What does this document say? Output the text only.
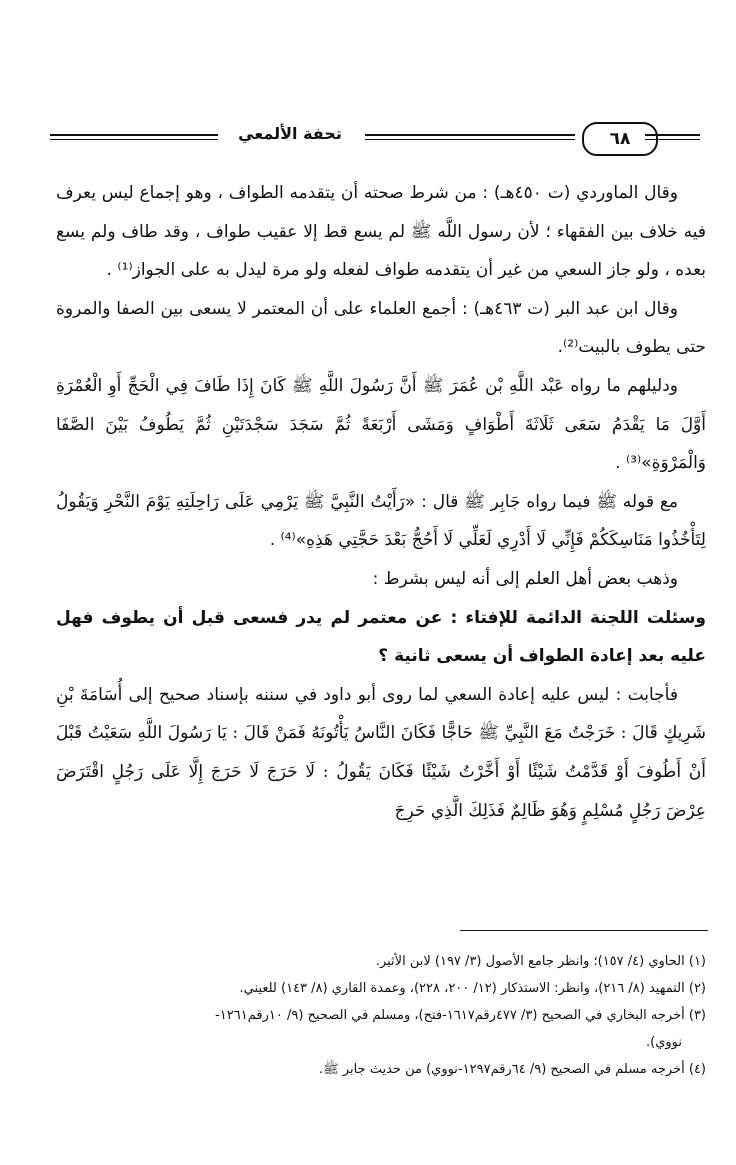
٦٨
تحفة الألمعي

وقال الماوردي (ت ٤٥٠هـ) : من شرط صحته أن يتقدمه الطواف ، وهو إجماع ليس يعرف فيه خلاف بين الفقهاء ؛ لأن رسول اللَّه ﷺ لم يسع قط إلا عقيب طواف ، وقد طاف ولم يسع بعده ، ولو جاز السعي من غير أن يتقدمه طواف لفعله ولو مرة ليدل به على الجواز⁽¹⁾ .

وقال ابن عبد البر (ت ٤٦٣هـ) : أجمع العلماء على أن المعتمر لا يسعى بين الصفا والمروة حتى يطوف بالبيت⁽²⁾.

ودليلهم ما رواه عَبْد اللَّهِ بْن عُمَرَ ﷺ أَنَّ رَسُولَ اللَّهِ ﷺ كَانَ إِذَا طَافَ فِي الْحَجِّ أَوِ الْعُمْرَةِ أَوَّلَ مَا يَقْدَمُ سَعَى ثَلَاثَةَ أَطْوَافٍ وَمَشَى أَرْبَعَةً ثُمَّ سَجَدَ سَجْدَتَيْنِ ثُمَّ يَطُوفُ بَيْنَ الصَّفَا وَالْمَرْوَةِ»⁽³⁾ .

مع قوله ﷺ فيما رواه جَابِر ﷺ قال : «رَأَيْتُ النَّبِيَّ ﷺ يَرْمِي عَلَى رَاحِلَتِهِ يَوْمَ النَّحْرِ وَيَقُولُ لِتَأْخُذُوا مَنَاسِكَكُمْ فَإِنِّي لَا أَدْرِي لَعَلِّي لَا أَحُجُّ بَعْدَ حَجَّتِي هَذِهِ»⁽⁴⁾ .

وذهب بعض أهل العلم إلى أنه ليس بشرط :

وسئلت اللجنة الدائمة للإفتاء : عن معتمر لم يدر فسعى قبل أن يطوف فهل عليه بعد إعادة الطواف أن يسعى ثانية ؟

فأجابت : ليس عليه إعادة السعي لما روى أبو داود في سننه بإسناد صحيح إلى أُسَامَةَ بْنِ شَرِيكٍ قَالَ : خَرَجْتُ مَعَ النَّبِيِّ ﷺ حَاجًّا فَكَانَ النَّاسُ يَأْتُونَهُ فَمَنْ قَالَ : يَا رَسُولَ اللَّهِ سَعَيْتُ قَبْلَ أَنْ أَطُوفَ أَوْ قَدَّمْتُ شَيْئًا أَوْ أَخَّرْتُ شَيْئًا فَكَانَ يَقُولُ : لَا حَرَجَ لَا حَرَجَ إِلَّا عَلَى رَجُلٍ اقْتَرَضَ عِرْضَ رَجُلٍ مُسْلِمٍ وَهُوَ ظَالِمٌ فَذَلِكَ الَّذِي حَرِجَ

(١) الحاوي (٤/ ١٥٧)؛ وانظر جامع الأصول (٣/ ١٩٧) لابن الأثير.

(٢) التمهيد (٨/ ٢١٦)، وانظر: الاستذكار (١٢/ ٢٠٠، ٢٢٨)، وعمدة القاري (٨/ ١٤٣) للعيني.

(٣) أخرجه البخاري في الصحيح (٣/ ٤٧٧رقم١٦١٧-فتح)، ومسلم في الصحيح (٩/ ١٠رقم١٢٦١-

نووي).

(٤) أخرجه مسلم في الصحيح (٩/ ٦٤رقم١٢٩٧-نووي) من حديث جابر ﷺ.
